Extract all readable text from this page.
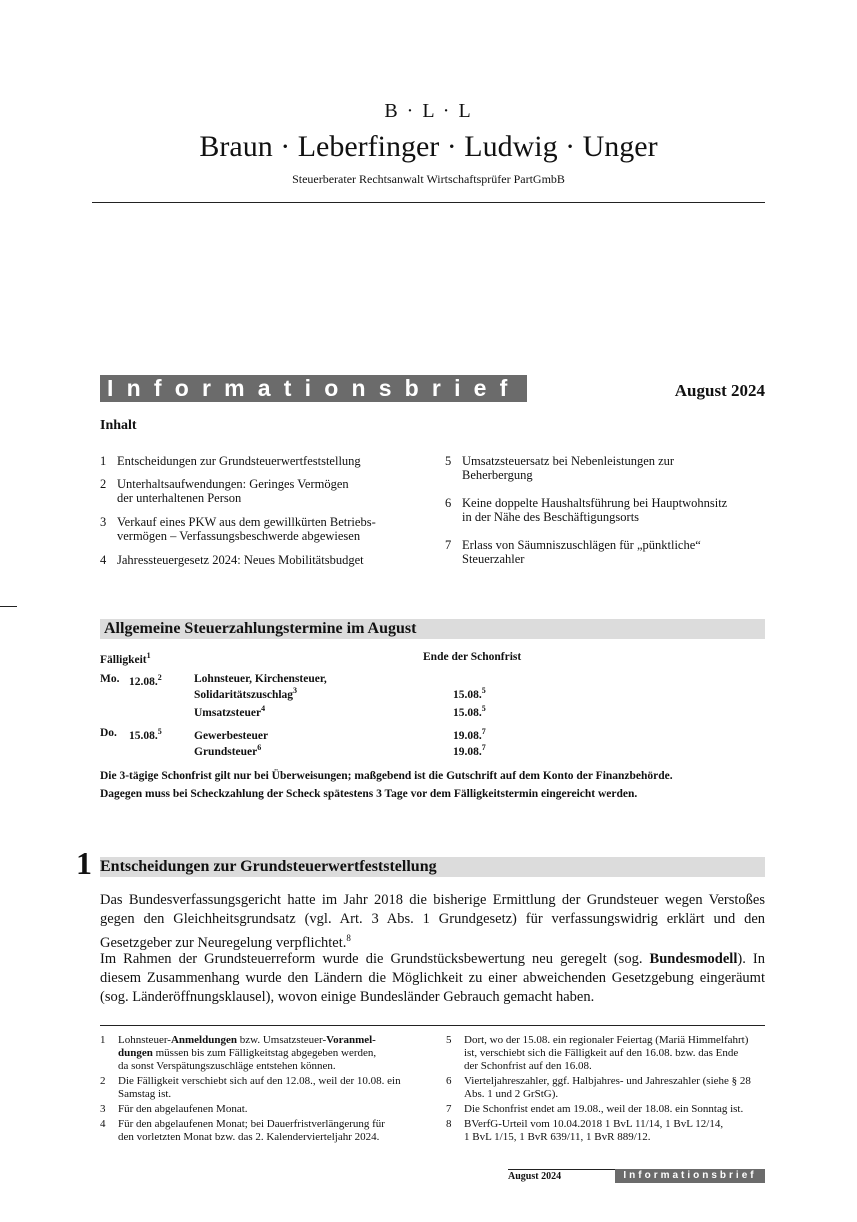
B · L · L
Braun · Leberfinger · Ludwig · Unger
Steuerberater Rechtsanwalt Wirtschaftsprüfer PartGmbB
Informationsbrief	August 2024
Inhalt
1 Entscheidungen zur Grundsteuerwertfeststellung
2 Unterhaltsaufwendungen: Geringes Vermögen
der unterhaltenen Person
3 Verkauf eines PKW aus dem gewillkürten Betriebs-
vermögen – Verfassungsbeschwerde abgewiesen
4 Jahressteuergesetz 2024: Neues Mobilitätsbudget
5 Umsatzsteuersatz bei Nebenleistungen zur
Beherbergung
6 Keine doppelte Haushaltsführung bei Hauptwohnsitz
in der Nähe des Beschäftigungsorts
7 Erlass von Säumniszuschlägen für „pünktliche“
Steuerzahler
Allgemeine Steuerzahlungstermine im August
Fälligkeit$^1$	Ende der Schonfrist
Mo. 12.08.$^2$	Lohnsteuer, Kirchensteuer,
Solidaritätszuschlag$^3$	15.08.$^5$
Umsatzsteuer$^4$	15.08.$^5$
Do. 15.08.$^5$	Gewerbesteuer	19.08.$^7$
Grundsteuer$^6$	19.08.$^7$
Die 3-tägige Schonfrist gilt nur bei Überweisungen; maßgebend ist die Gutschrift auf dem Konto der Finanzbehörde.
Dagegen muss bei Scheckzahlung der Scheck spätestens 3 Tage vor dem Fälligkeitstermin eingereicht werden.
1 Entscheidungen zur Grundsteuerwertfeststellung
Das Bundesverfassungsgericht hatte im Jahr 2018 die bisherige Ermittlung der Grundsteuer wegen Verstoßes gegen den Gleichheitsgrundsatz (vgl. Art. 3 Abs. 1 Grundgesetz) für verfassungswidrig erklärt und den Gesetzgeber zur Neuregelung verpflichtet.$^8$
Im Rahmen der Grundsteuerreform wurde die Grundstücksbewertung neu geregelt (sog. Bundesmodell). In diesem Zusammenhang wurde den Ländern die Möglichkeit zu einer abweichenden Gesetzgebung eingeräumt (sog. Länderöffnungsklausel), wovon einige Bundesländer Gebrauch gemacht haben.
1 Lohnsteuer-Anmeldungen bzw. Umsatzsteuer-Voranmel-
dungen müssen bis zum Fälligkeitstag abgegeben werden,
da sonst Verspätungszuschläge entstehen können.
2 Die Fälligkeit verschiebt sich auf den 12.08., weil der 10.08. ein
Samstag ist.
3 Für den abgelaufenen Monat.
4 Für den abgelaufenen Monat; bei Dauerfristverlängerung für
den vorletzten Monat bzw. das 2. Kalendervierteljahr 2024.
5 Dort, wo der 15.08. ein regionaler Feiertag (Mariä Himmelfahrt)
ist, verschiebt sich die Fälligkeit auf den 16.08. bzw. das Ende
der Schonfrist auf den 16.08.
6 Vierteljahreszahler, ggf. Halbjahres- und Jahreszahler (siehe § 28
Abs. 1 und 2 GrStG).
7 Die Schonfrist endet am 19.08., weil der 18.08. ein Sonntag ist.
8 BVerfG-Urteil vom 10.04.2018 1 BvL 11/14, 1 BvL 12/14,
1 BvL 1/15, 1 BvR 639/11, 1 BvR 889/12.
August 2024	Informationsbrief
